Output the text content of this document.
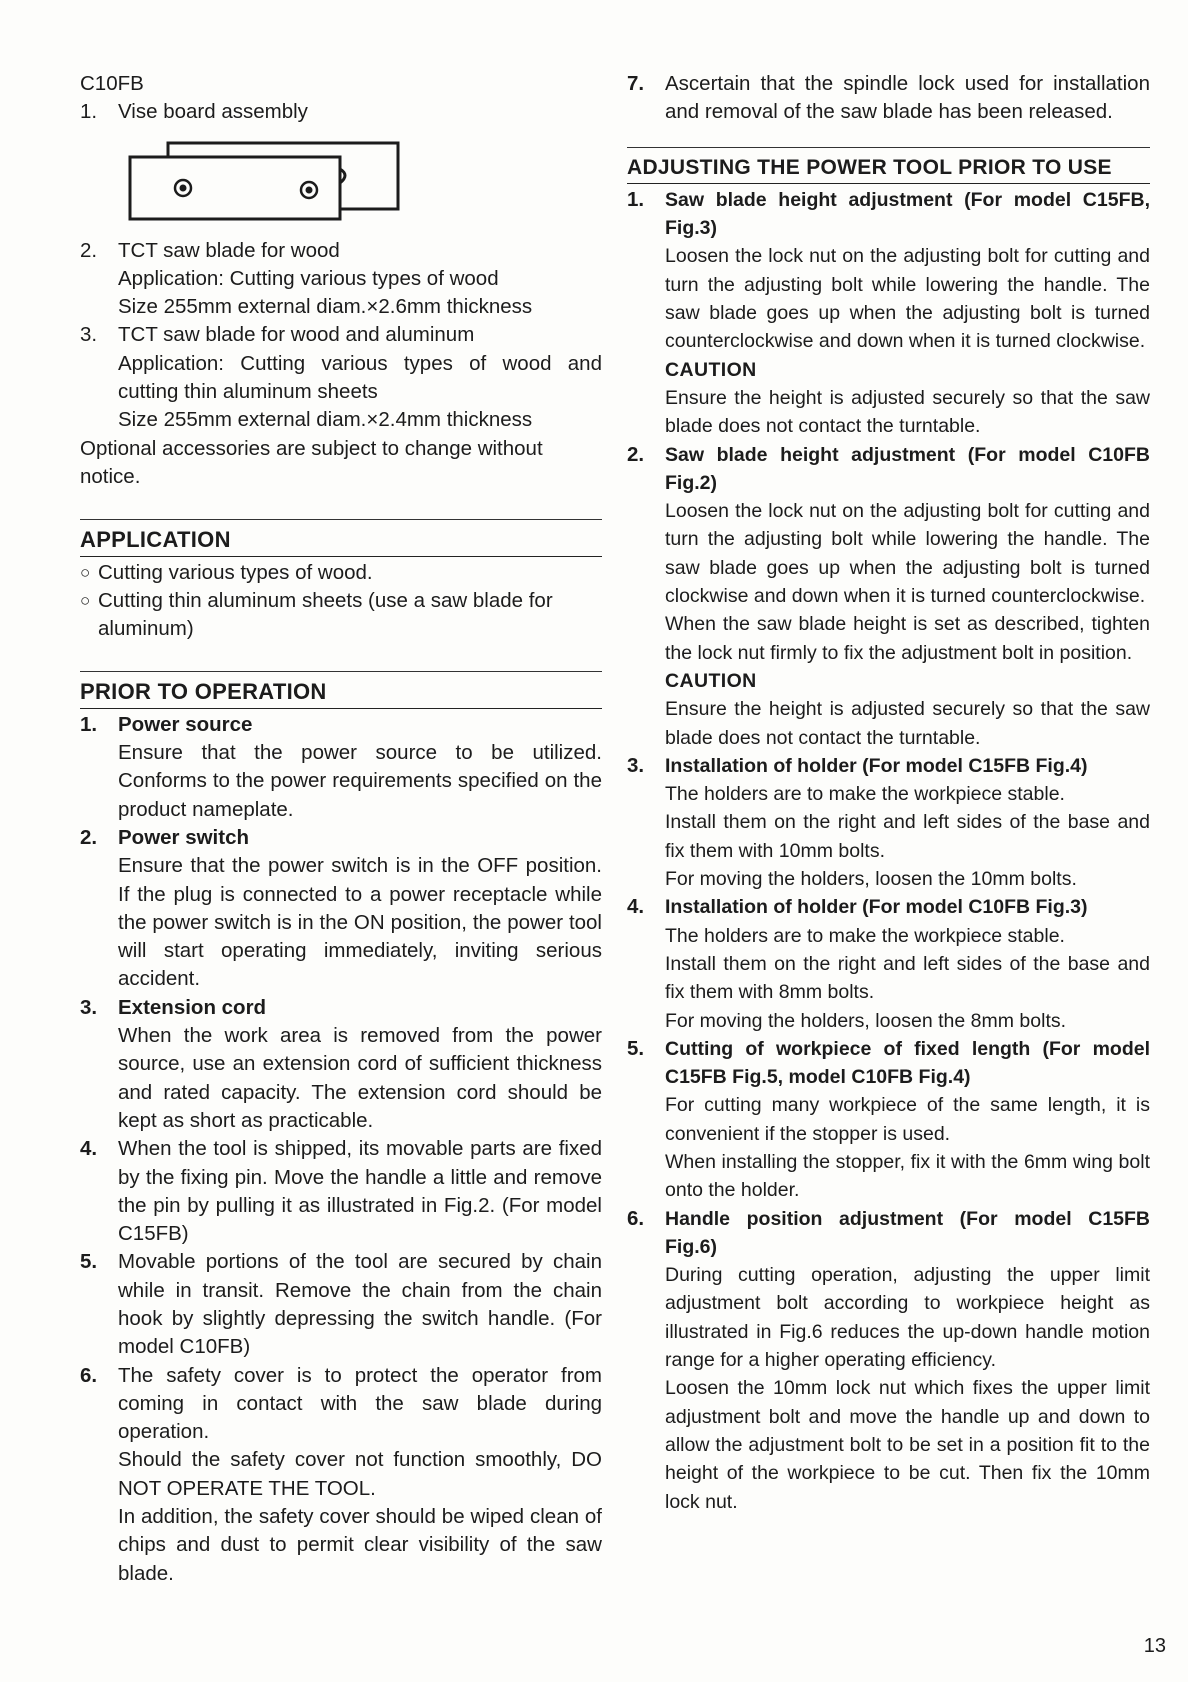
C10FB
1.	Vise board assembly
2.	TCT saw blade for wood
Application: Cutting various types of wood
Size 255mm external diam.×2.6mm thickness
3.	TCT saw blade for wood and aluminum
Application: Cutting various types of wood and cutting thin aluminum sheets
Size 255mm external diam.×2.4mm thickness
Optional accessories are subject to change without notice.
APPLICATION
○ Cutting various types of wood.
○ Cutting thin aluminum sheets (use a saw blade for aluminum)
PRIOR TO OPERATION
1.	Power source
Ensure that the power source to be utilized. Conforms to the power requirements specified on the product nameplate.
2.	Power switch
Ensure that the power switch is in the OFF position. If the plug is connected to a power receptacle while the power switch is in the ON position, the power tool will start operating immediately, inviting serious accident.
3.	Extension cord
When the work area is removed from the power source, use an extension cord of sufficient thickness and rated capacity. The extension cord should be kept as short as practicable.
4.	When the tool is shipped, its movable parts are fixed by the fixing pin. Move the handle a little and remove the pin by pulling it as illustrated in Fig.2. (For model C15FB)
5.	Movable portions of the tool are secured by chain while in transit. Remove the chain from the chain hook by slightly depressing the switch handle. (For model C10FB)
6.	The safety cover is to protect the operator from coming in contact with the saw blade during operation.
Should the safety cover not function smoothly, DO NOT OPERATE THE TOOL.
In addition, the safety cover should be wiped clean of chips and dust to permit clear visibility of the saw blade.
7.	Ascertain that the spindle lock used for installation and removal of the saw blade has been released.
ADJUSTING THE POWER TOOL PRIOR TO USE
1.	Saw blade height adjustment (For model C15FB, Fig.3)
Loosen the lock nut on the adjusting bolt for cutting and turn the adjusting bolt while lowering the handle. The saw blade goes up when the adjusting bolt is turned counterclockwise and down when it is turned clockwise.
CAUTION
Ensure the height is adjusted securely so that the saw blade does not contact the turntable.
2.	Saw blade height adjustment (For model C10FB Fig.2)
Loosen the lock nut on the adjusting bolt for cutting and turn the adjusting bolt while lowering the handle. The saw blade goes up when the adjusting bolt is turned clockwise and down when it is turned counterclockwise.
When the saw blade height is set as described, tighten the lock nut firmly to fix the adjustment bolt in position.
CAUTION
Ensure the height is adjusted securely so that the saw blade does not contact the turntable.
3.	Installation of holder (For model C15FB Fig.4)
The holders are to make the workpiece stable.
Install them on the right and left sides of the base and fix them with 10mm bolts.
For moving the holders, loosen the 10mm bolts.
4.	Installation of holder (For model C10FB Fig.3)
The holders are to make the workpiece stable.
Install them on the right and left sides of the base and fix them with 8mm bolts.
For moving the holders, loosen the 8mm bolts.
5.	Cutting of workpiece of fixed length (For model C15FB Fig.5, model C10FB Fig.4)
For cutting many workpiece of the same length, it is convenient if the stopper is used.
When installing the stopper, fix it with the 6mm wing bolt onto the holder.
6.	Handle position adjustment (For model C15FB Fig.6)
During cutting operation, adjusting the upper limit adjustment bolt according to workpiece height as illustrated in Fig.6 reduces the up-down handle motion range for a higher operating efficiency.
Loosen the 10mm lock nut which fixes the upper limit adjustment bolt and move the handle up and down to allow the adjustment bolt to be set in a position fit to the height of the workpiece to be cut. Then fix the 10mm lock nut.
13
